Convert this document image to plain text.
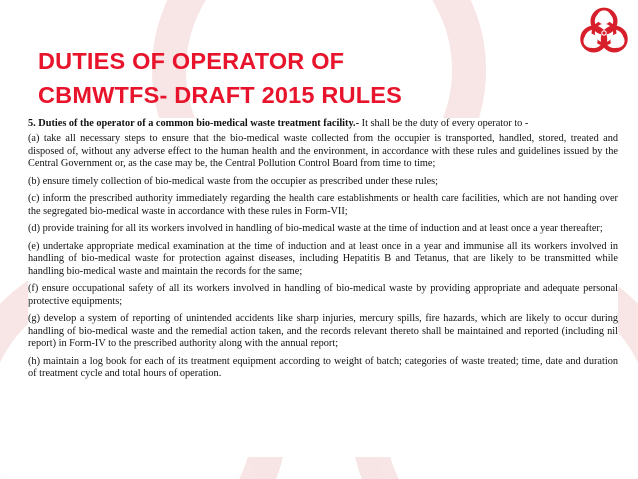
DUTIES OF OPERATOR OF
CBMWTFS- DRAFT 2015 RULES

5. Duties of the operator of a common bio-medical waste treatment facility.- It shall be the duty of every operator to -

(a) take all necessary steps to ensure that the bio-medical waste collected from the occupier is transported, handled, stored, treated and disposed of, without any adverse effect to the human health and the environment, in accordance with these rules and guidelines issued by the Central Government or, as the case may be, the Central Pollution Control Board from time to time;

(b) ensure timely collection of bio-medical waste from the occupier as prescribed under these rules;

(c) inform the prescribed authority immediately regarding the health care establishments or health care facilities, which are not handing over the segregated bio-medical waste in accordance with these rules in Form-VII;

(d) provide training for all its workers involved in handling of bio-medical waste at the time of induction and at least once a year thereafter;

(e) undertake appropriate medical examination at the time of induction and at least once in a year and immunise all its workers involved in handling of bio-medical waste for protection against diseases, including Hepatitis B and Tetanus, that are likely to be transmitted while handling bio-medical waste and maintain the records for the same;

(f) ensure occupational safety of all its workers involved in handling of bio-medical waste by providing appropriate and adequate personal protective equipments;

(g) develop a system of reporting of unintended accidents like sharp injuries, mercury spills, fire hazards, which are likely to occur during handling of bio-medical waste and the remedial action taken, and the records relevant thereto shall be maintained and reported (including nil report) in Form-IV to the prescribed authority along with the annual report;

(h) maintain a log book for each of its treatment equipment according to weight of batch; categories of waste treated; time, date and duration of treatment cycle and total hours of operation.
